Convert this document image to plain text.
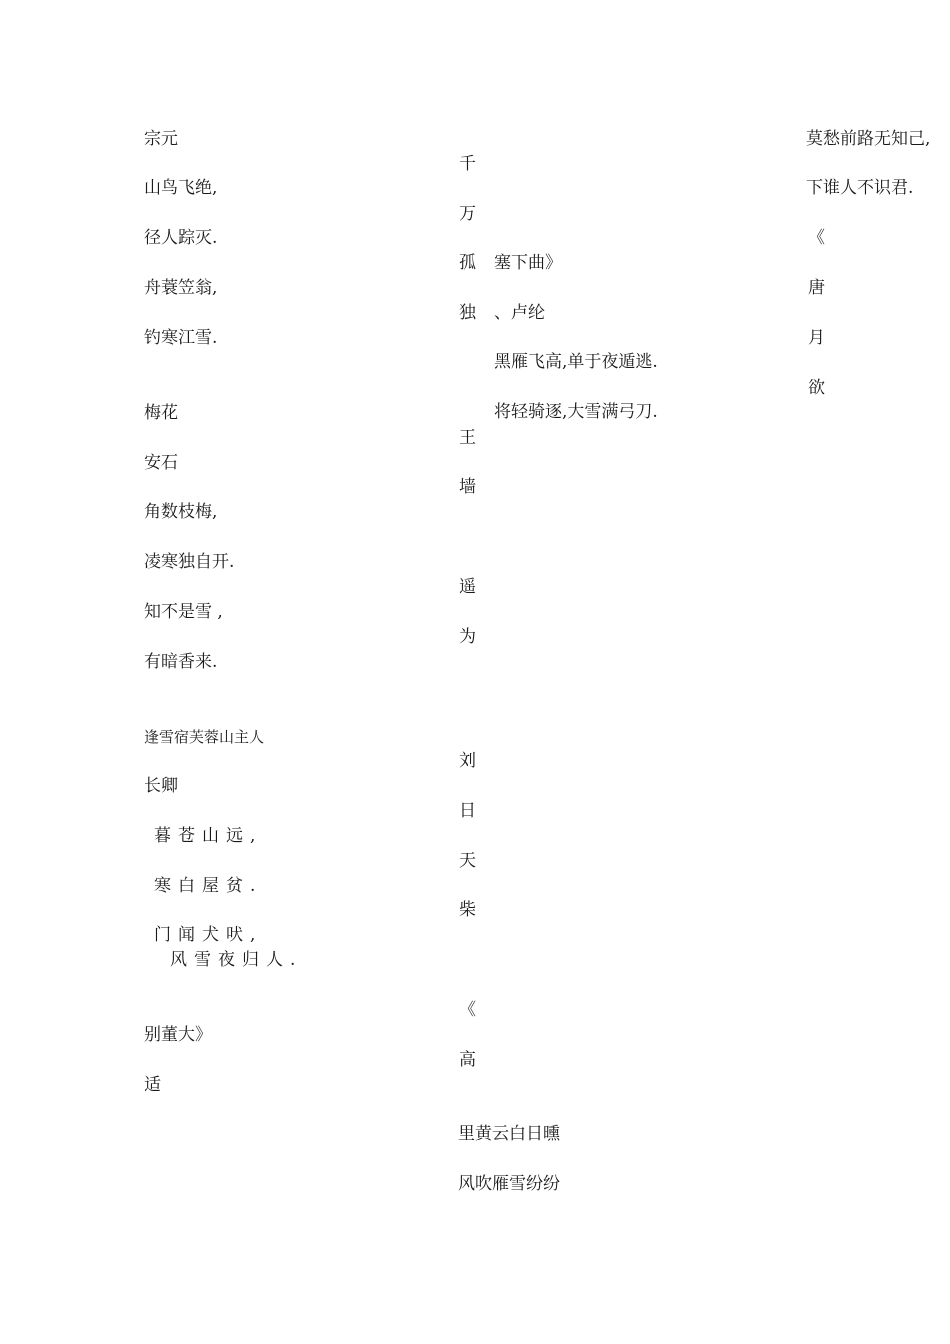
宗元

山鸟飞绝,

径人踪灭.

舟蓑笠翁,

钓寒江雪.

梅花

安石

角数枝梅,

凌寒独自开.

知不是雪 ,

有暗香来.

逢雪宿芙蓉山主人

长卿

暮苍山远,

寒白屋贫.

门闻犬吠,

风雪夜归人.

别董大》

适

千

万

孤

独

王

墙

遥

为

刘

日

天

柴

《

高

里黄云白日曛

风吹雁雪纷纷

塞下曲》

、卢纶

黑雁飞高,单于夜遁逃.

将轻骑逐,大雪满弓刀.

莫愁前路无知己,

下谁人不识君.

《

唐

月

欲
